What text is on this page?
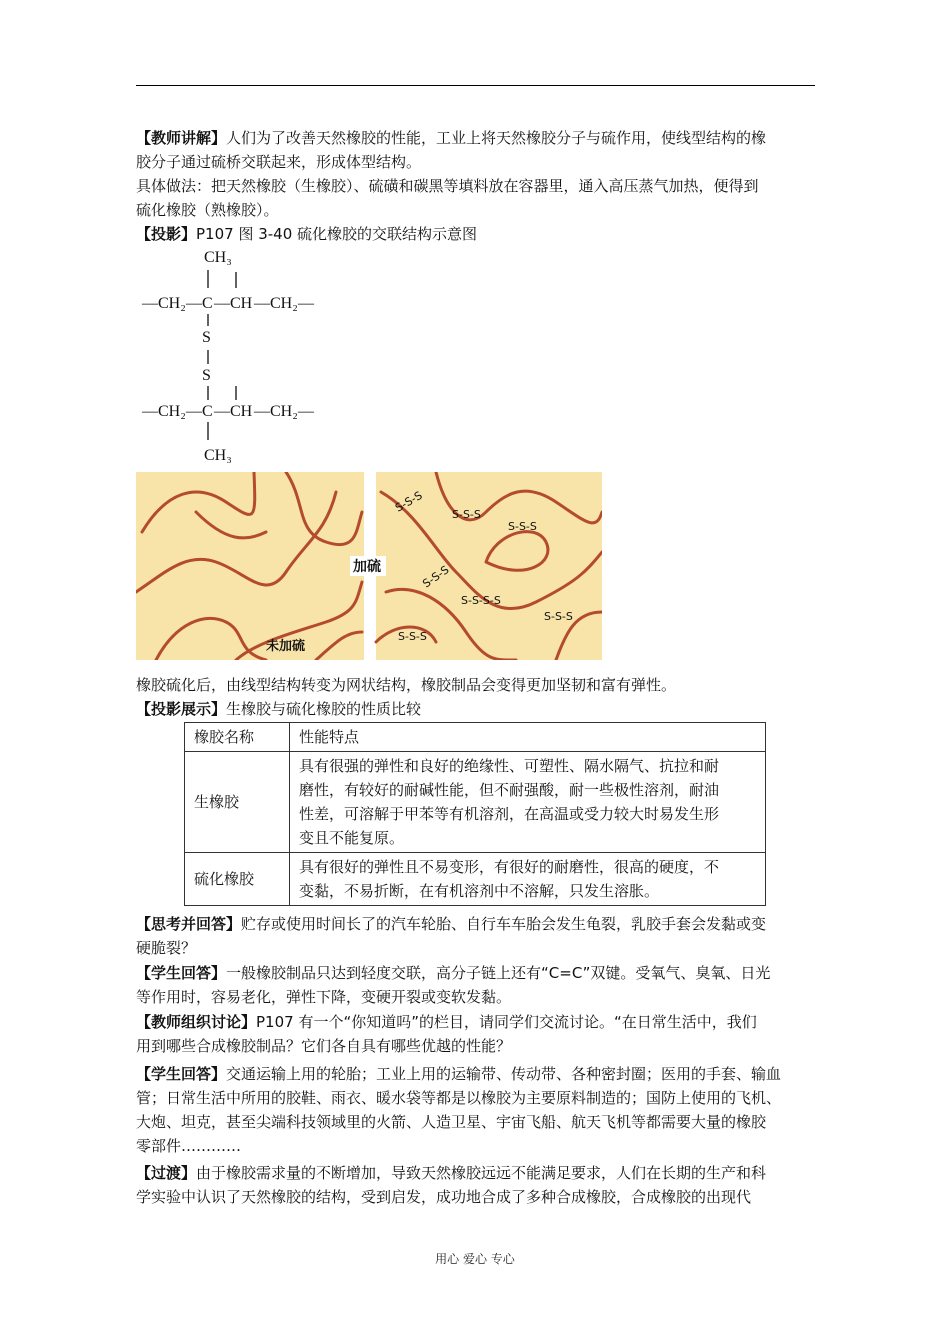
【教师讲解】人们为了改善天然橡胶的性能，工业上将天然橡胶分子与硫作用，使线型结构的橡
胶分子通过硫桥交联起来，形成体型结构。
具体做法：把天然橡胶（生橡胶）、硫磺和碳黑等填料放在容器里，通入高压蒸气加热，便得到
硫化橡胶（熟橡胶）。
【投影】P107 图 3-40 硫化橡胶的交联结构示意图
CH₃
— CH₂ — C — CH — CH₂ —
S
S
— CH₂ — C — CH — CH₂ —
CH₃
S-S-S S-S-S
S-S-S
S-S-S
S-S-S-S
S-S-S
S-S-S
加硫
未加硫
橡胶硫化后，由线型结构转变为网状结构，橡胶制品会变得更加坚韧和富有弹性。
【投影展示】生橡胶与硫化橡胶的性质比较
橡胶名称	性能特点
生橡胶	具有很强的弹性和良好的绝缘性、可塑性、隔水隔气、抗拉和耐
磨性，有较好的耐碱性能，但不耐强酸，耐一些极性溶剂，耐油
性差，可溶解于甲苯等有机溶剂，在高温或受力较大时易发生形
变且不能复原。
硫化橡胶	具有很好的弹性且不易变形，有很好的耐磨性，很高的硬度，不
变黏，不易折断，在有机溶剂中不溶解，只发生溶胀。
【思考并回答】贮存或使用时间长了的汽车轮胎、自行车车胎会发生龟裂，乳胶手套会发黏或变
硬脆裂？
【学生回答】一般橡胶制品只达到轻度交联，高分子链上还有“C=C”双键。受氧气、臭氧、日光
等作用时，容易老化，弹性下降，变硬开裂或变软发黏。
【教师组织讨论】P107 有一个“你知道吗”的栏目，请同学们交流讨论。“在日常生活中，我们
用到哪些合成橡胶制品？它们各自具有哪些优越的性能？
【学生回答】交通运输上用的轮胎；工业上用的运输带、传动带、各种密封圈；医用的手套、输血
管；日常生活中所用的胶鞋、雨衣、暖水袋等都是以橡胶为主要原料制造的；国防上使用的飞机、
大炮、坦克，甚至尖端科技领域里的火箭、人造卫星、宇宙飞船、航天飞机等都需要大量的橡胶
零部件…………
【过渡】由于橡胶需求量的不断增加，导致天然橡胶远远不能满足要求，人们在长期的生产和科
学实验中认识了天然橡胶的结构，受到启发，成功地合成了多种合成橡胶，合成橡胶的出现代
用心 爱心 专心
